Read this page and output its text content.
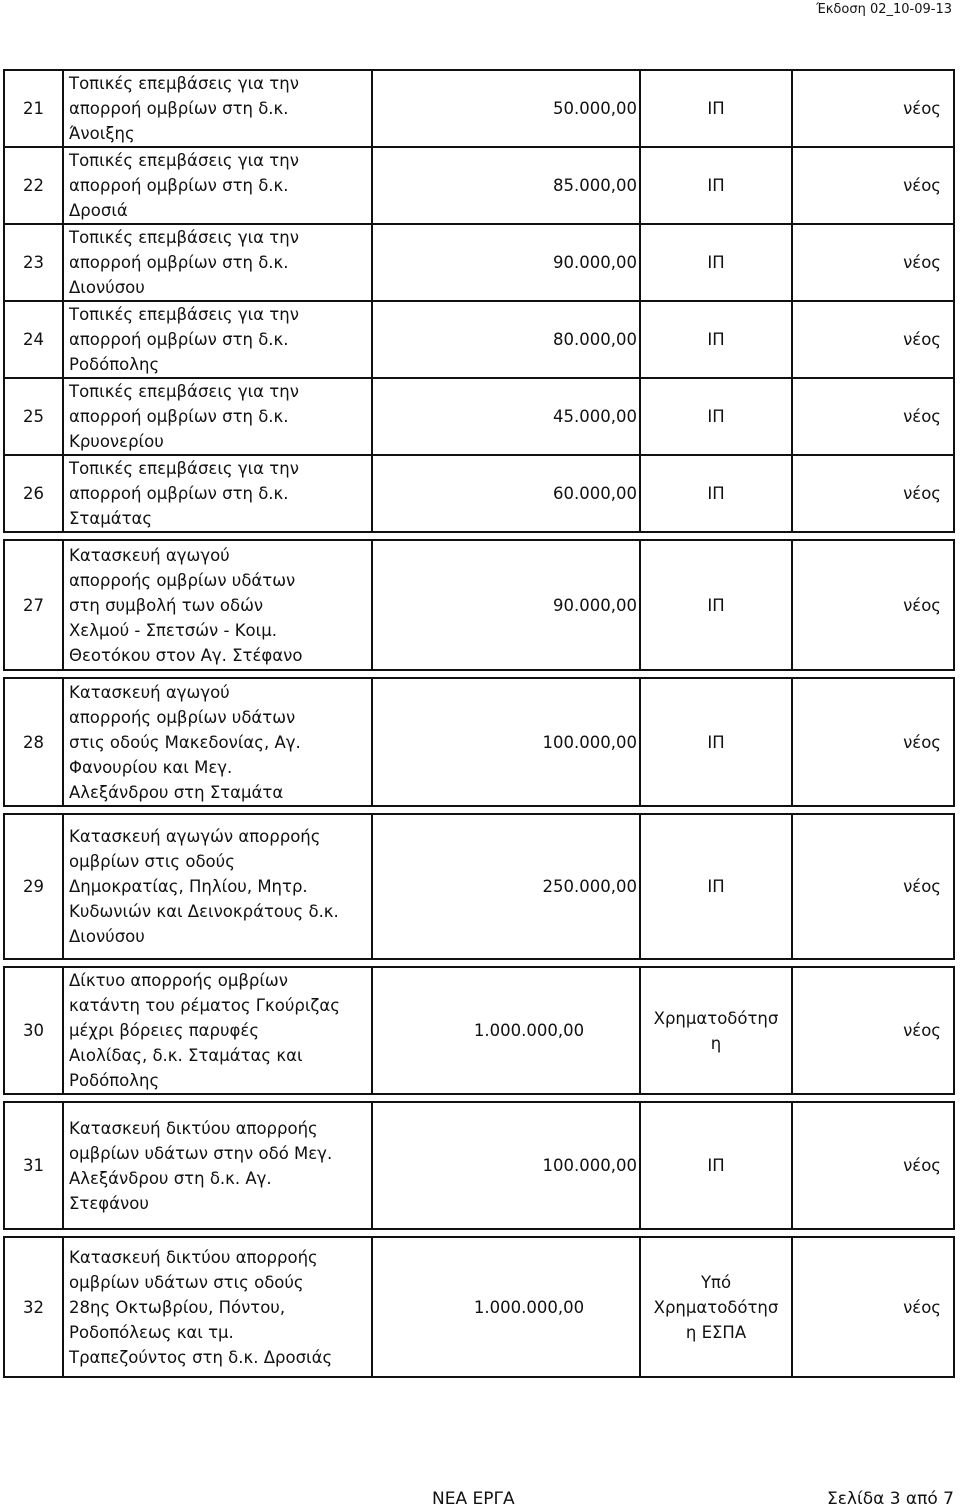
Έκδοση 02_10-09-13
21	Τοπικές επεμβάσεις για την
απορροή ομβρίων στη δ.κ.
Άνοιξης	50.000,00	ΙΠ	νέος
22	Τοπικές επεμβάσεις για την
απορροή ομβρίων στη δ.κ.
Δροσιά	85.000,00	ΙΠ	νέος
23	Τοπικές επεμβάσεις για την
απορροή ομβρίων στη δ.κ.
Διονύσου	90.000,00	ΙΠ	νέος
24	Τοπικές επεμβάσεις για την
απορροή ομβρίων στη δ.κ.
Ροδόπολης	80.000,00	ΙΠ	νέος
25	Τοπικές επεμβάσεις για την
απορροή ομβρίων στη δ.κ.
Κρυονερίου	45.000,00	ΙΠ	νέος
26	Τοπικές επεμβάσεις για την
απορροή ομβρίων στη δ.κ.
Σταμάτας	60.000,00	ΙΠ	νέος

27	Κατασκευή αγωγού
απορροής ομβρίων υδάτων
στη συμβολή των οδών
Χελμού - Σπετσών - Κοιμ.
Θεοτόκου στον Αγ. Στέφανο	90.000,00	ΙΠ	νέος

28	Κατασκευή αγωγού
απορροής ομβρίων υδάτων
στις οδούς Μακεδονίας, Αγ.
Φανουρίου και Μεγ.
Αλεξάνδρου στη Σταμάτα	100.000,00	ΙΠ	νέος

29	Κατασκευή αγωγών απορροής
ομβρίων στις οδούς
Δημοκρατίας, Πηλίου, Μητρ.
Κυδωνιών και Δεινοκράτους δ.κ.
Διονύσου	250.000,00	ΙΠ	νέος

30	Δίκτυο απορροής ομβρίων
κατάντη του ρέματος Γκούριζας
μέχρι βόρειες παρυφές
Αιολίδας, δ.κ. Σταμάτας και
Ροδόπολης	1.000.000,00	Χρηματοδότησ
η	νέος

31	Κατασκευή δικτύου απορροής
ομβρίων υδάτων στην οδό Μεγ.
Αλεξάνδρου στη δ.κ. Αγ.
Στεφάνου	100.000,00	ΙΠ	νέος

32	Κατασκευή δικτύου απορροής
ομβρίων υδάτων στις οδούς
28ης Οκτωβρίου, Πόντου,
Ροδοπόλεως και τμ.
Τραπεζούντος στη δ.κ. Δροσιάς	1.000.000,00	Υπό
Χρηματοδότησ
η ΕΣΠΑ	νέος
ΝΕΑ ΕΡΓΑ	Σελίδα 3 από 7
